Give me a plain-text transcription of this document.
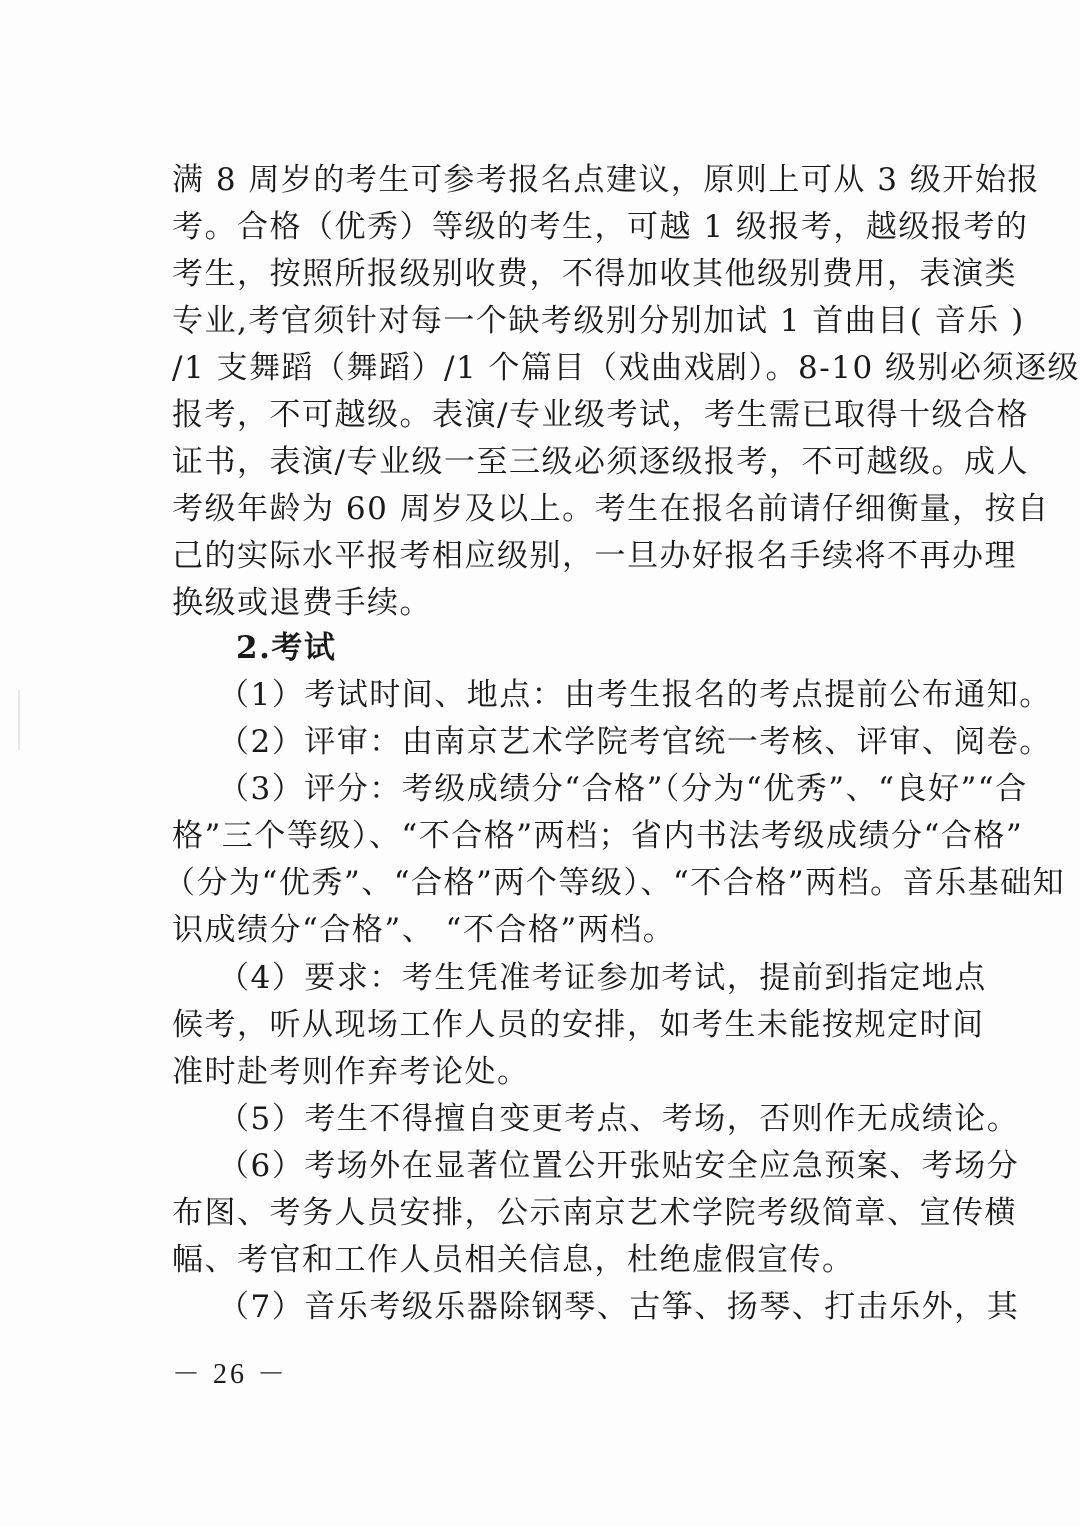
满 8 周岁的考生可参考报名点建议，原则上可从 3 级开始报
考。合格（优秀）等级的考生，可越 1 级报考，越级报考的
考生，按照所报级别收费，不得加收其他级别费用，表演类
专业,考官须针对每一个缺考级别分别加试 1 首曲目( 音乐 )
/1 支舞蹈（舞蹈）/1 个篇目（戏曲戏剧）。8-10 级别必须逐级
报考，不可越级。表演/专业级考试，考生需已取得十级合格
证书，表演/专业级一至三级必须逐级报考，不可越级。成人
考级年龄为 60 周岁及以上。考生在报名前请仔细衡量，按自
己的实际水平报考相应级别，一旦办好报名手续将不再办理
换级或退费手续。
2.考试
（1）考试时间、地点：由考生报名的考点提前公布通知。
（2）评审：由南京艺术学院考官统一考核、评审、阅卷。
（3）评分：考级成绩分“合格”（分为“优秀”、“良好”“合
格”三个等级）、“不合格”两档；省内书法考级成绩分“合格”
（分为“优秀”、“合格”两个等级）、“不合格”两档。音乐基础知
识成绩分“合格”、 “不合格”两档。
（4）要求：考生凭准考证参加考试，提前到指定地点
候考，听从现场工作人员的安排，如考生未能按规定时间
准时赴考则作弃考论处。
（5）考生不得擅自变更考点、考场，否则作无成绩论。
（6）考场外在显著位置公开张贴安全应急预案、考场分
布图、考务人员安排，公示南京艺术学院考级简章、宣传横
幅、考官和工作人员相关信息，杜绝虚假宣传。
（7）音乐考级乐器除钢琴、古筝、扬琴、打击乐外，其
－ 26 －
